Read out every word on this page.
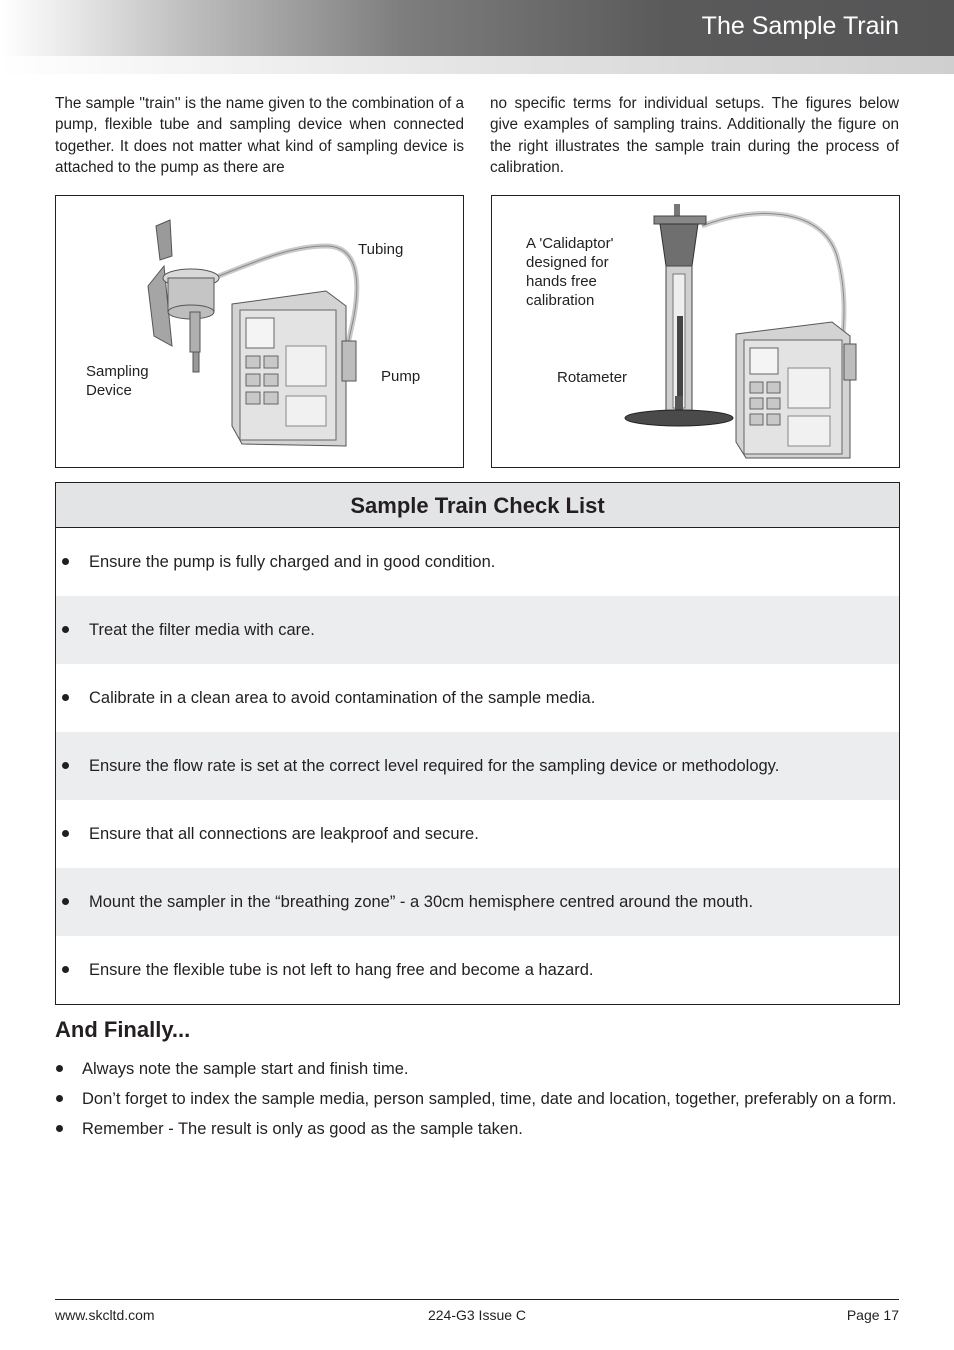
The Sample Train

The sample ''train'' is the name given to the combination of a pump, flexible tube and sampling device when connected together. It does not matter what kind of sampling device is attached to the pump as there are

no specific terms for individual setups. The figures below give examples of sampling trains. Additionally the figure on the right illustrates the sample train during the process of calibration.

Tubing
Sampling
Device
Pump
A 'Calidaptor'
designed for
hands free
calibration
Rotameter
Sample Train Check List
Ensure the pump is fully charged and in good condition.
Treat the filter media with care.
Calibrate in a clean area to avoid contamination of the sample media.
Ensure the flow rate is set at the correct level required for the sampling device or methodology.
Ensure that all connections are leakproof and secure.
Mount the sampler in the “breathing zone” - a 30cm hemisphere centred around the mouth.
Ensure the flexible tube is not left to hang free and become a hazard.
And Finally...
Always note the sample start and finish time.
Don’t forget to index the sample media, person sampled, time, date and location, together, preferably on a form.
Remember - The result is only as good as the sample taken.
www.skcltd.com	224-G3 Issue C	Page 17
